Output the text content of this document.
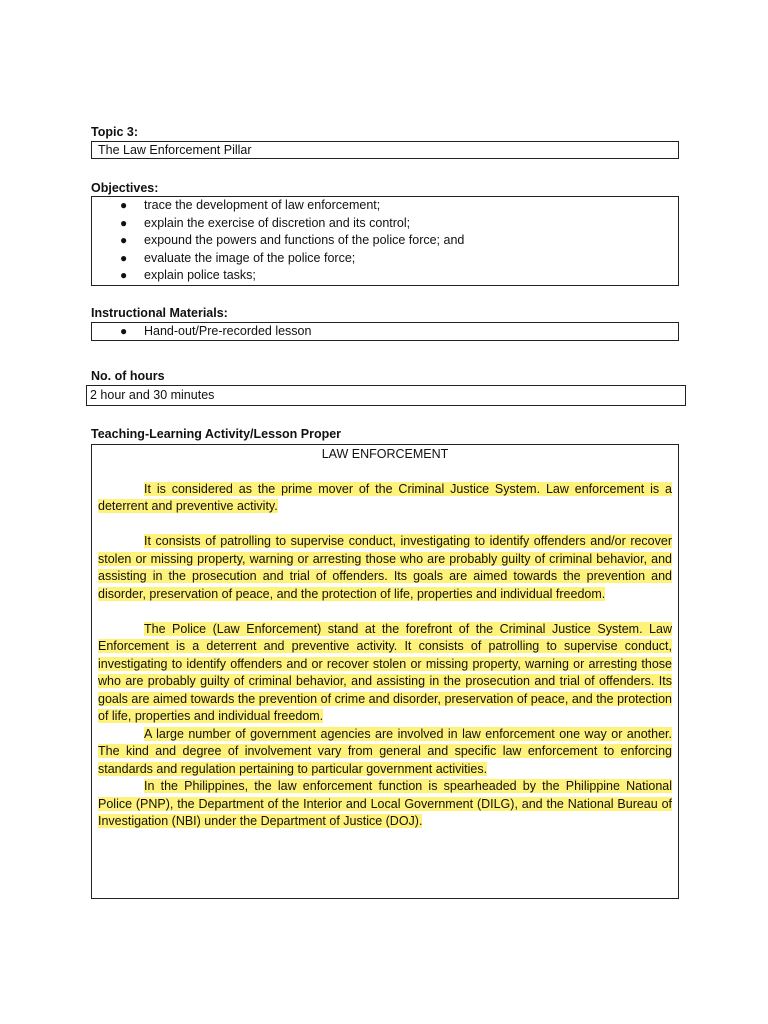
Topic 3:
The Law Enforcement Pillar
Objectives:
● trace the development of law enforcement;
● explain the exercise of discretion and its control;
● expound the powers and functions of the police force; and
● evaluate the image of the police force;
● explain police tasks;
Instructional Materials:
● Hand-out/Pre-recorded lesson
No. of hours
2 hour and 30 minutes
Teaching-Learning Activity/Lesson Proper
LAW ENFORCEMENT

It is considered as the prime mover of the Criminal Justice System. Law enforcement is a deterrent and preventive activity.

It consists of patrolling to supervise conduct, investigating to identify offenders and/or recover stolen or missing property, warning or arresting those who are probably guilty of criminal behavior, and assisting in the prosecution and trial of offenders. Its goals are aimed towards the prevention and disorder, preservation of peace, and the protection of life, properties and individual freedom.

The Police (Law Enforcement) stand at the forefront of the Criminal Justice System. Law Enforcement is a deterrent and preventive activity. It consists of patrolling to supervise conduct, investigating to identify offenders and or recover stolen or missing property, warning or arresting those who are probably guilty of criminal behavior, and assisting in the prosecution and trial of offenders. Its goals are aimed towards the prevention of crime and disorder, preservation of peace, and the protection of life, properties and individual freedom.

A large number of government agencies are involved in law enforcement one way or another. The kind and degree of involvement vary from general and specific law enforcement to enforcing standards and regulation pertaining to particular government activities.

In the Philippines, the law enforcement function is spearheaded by the Philippine National Police (PNP), the Department of the Interior and Local Government (DILG), and the National Bureau of Investigation (NBI) under the Department of Justice (DOJ).
